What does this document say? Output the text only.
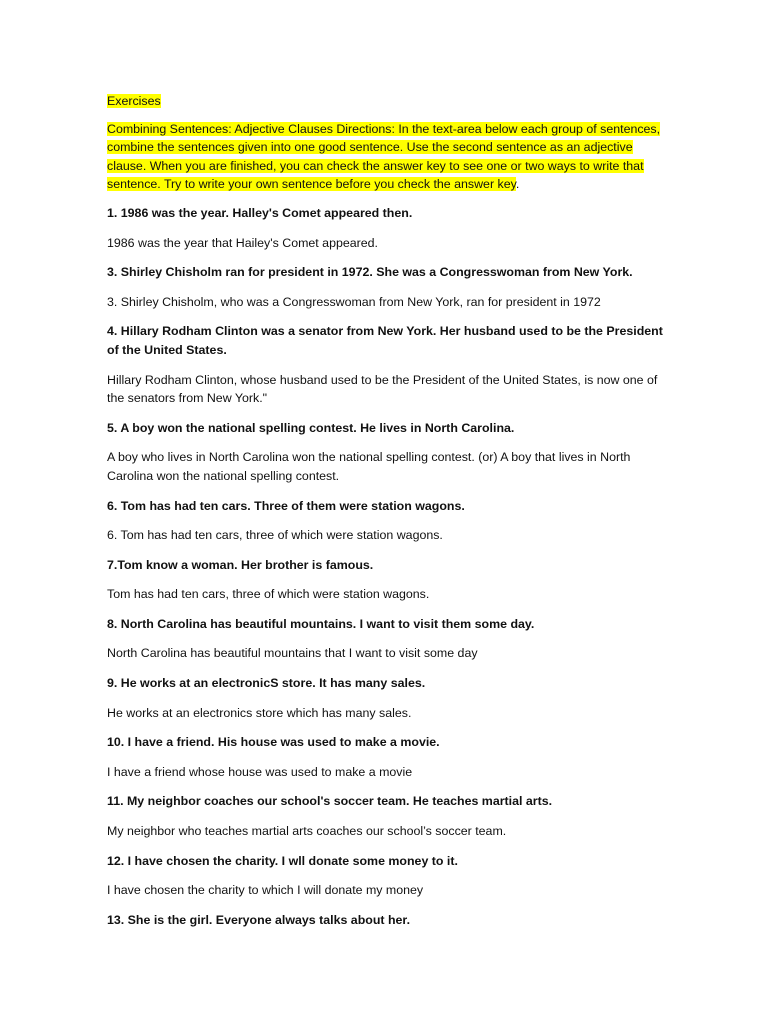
Exercises

Combining Sentences: Adjective Clauses Directions: In the text-area below each group of sentences, combine the sentences given into one good sentence. Use the second sentence as an adjective clause. When you are finished, you can check the answer key to see one or two ways to write that sentence. Try to write your own sentence before you check the answer key.

1. 1986 was the year. Halley's Comet appeared then.

1986 was the year that Hailey's Comet appeared.

3. Shirley Chisholm ran for president in 1972. She was a Congresswoman from New York.

3. Shirley Chisholm, who was a Congresswoman from New York, ran for president in 1972

4. Hillary Rodham Clinton was a senator from New York. Her husband used to be the President of the United States.

Hillary Rodham Clinton, whose husband used to be the President of the United States, is now one of the senators from New York."

5. A boy won the national spelling contest. He lives in North Carolina.

A boy who lives in North Carolina won the national spelling contest. (or) A boy that lives in North Carolina won the national spelling contest.

6. Tom has had ten cars. Three of them were station wagons.

6. Tom has had ten cars, three of which were station wagons.

7.Tom know a woman. Her brother is famous.

Tom has had ten cars, three of which were station wagons.

8. North Carolina has beautiful mountains. I want to visit them some day.

North Carolina has beautiful mountains that I want to visit some day

9. He works at an electronicS store. It has many sales.

He works at an electronics store which has many sales.

10. I have a friend. His house was used to make a movie.

I have a friend whose house was used to make a movie

11. My neighbor coaches our school's soccer team. He teaches martial arts.

My neighbor who teaches martial arts coaches our school’s soccer team.

12. I have chosen the charity. I wll donate some money to it.

I have chosen the charity to which I will donate my money

13. She is the girl. Everyone always talks about her.
